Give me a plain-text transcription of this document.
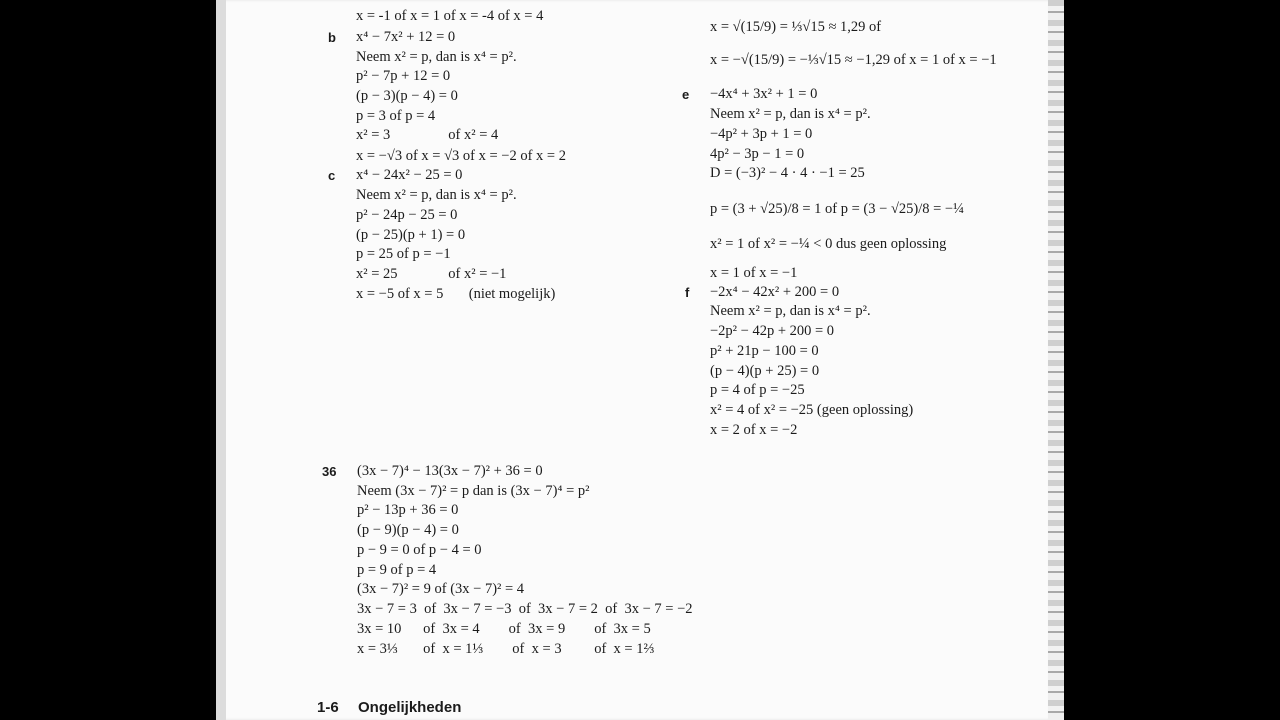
x = -1 of x = 1 of x = -4 of x = 4
b x⁴ − 7x² + 12 = 0
Neem x² = p, dan is x⁴ = p².
p² − 7p + 12 = 0
(p − 3)(p − 4) = 0
p = 3 of p = 4
x² = 3                of x² = 4
x = −√3 of x = √3 of x = −2 of x = 2
c x⁴ − 24x² − 25 = 0
Neem x² = p, dan is x⁴ = p².
p² − 24p − 25 = 0
(p − 25)(p + 1) = 0
p = 25 of p = −1
x² = 25              of x² = −1
x = −5 of x = 5       (niet mogelijk)
x = √(15/9) = ⅓√15 ≈ 1,29 of
x = −√(15/9) = −⅓√15 ≈ −1,29 of x = 1 of x = −1
e −4x⁴ + 3x² + 1 = 0
Neem x² = p, dan is x⁴ = p².
−4p² + 3p + 1 = 0
4p² − 3p − 1 = 0
D = (−3)² − 4 · 4 · −1 = 25
p = (3 + √25)/8 = 1 of p = (3 − √25)/8 = −¼
x² = 1 of x² = −¼ < 0 dus geen oplossing
x = 1 of x = −1
f −2x⁴ − 42x² + 200 = 0
Neem x² = p, dan is x⁴ = p².
−2p² − 42p + 200 = 0
p² + 21p − 100 = 0
(p − 4)(p + 25) = 0
p = 4 of p = −25
x² = 4 of x² = −25 (geen oplossing)
x = 2 of x = −2
36 (3x − 7)⁴ − 13(3x − 7)² + 36 = 0
Neem (3x − 7)² = p dan is (3x − 7)⁴ = p²
p² − 13p + 36 = 0
(p − 9)(p − 4) = 0
p − 9 = 0 of p − 4 = 0
p = 9 of p = 4
(3x − 7)² = 9 of (3x − 7)² = 4
3x − 7 = 3  of  3x − 7 = −3  of  3x − 7 = 2  of  3x − 7 = −2
3x = 10      of  3x = 4        of  3x = 9        of  3x = 5
x = 3⅓       of  x = 1⅓        of  x = 3         of  x = 1⅔
1-6 Ongelijkheden
